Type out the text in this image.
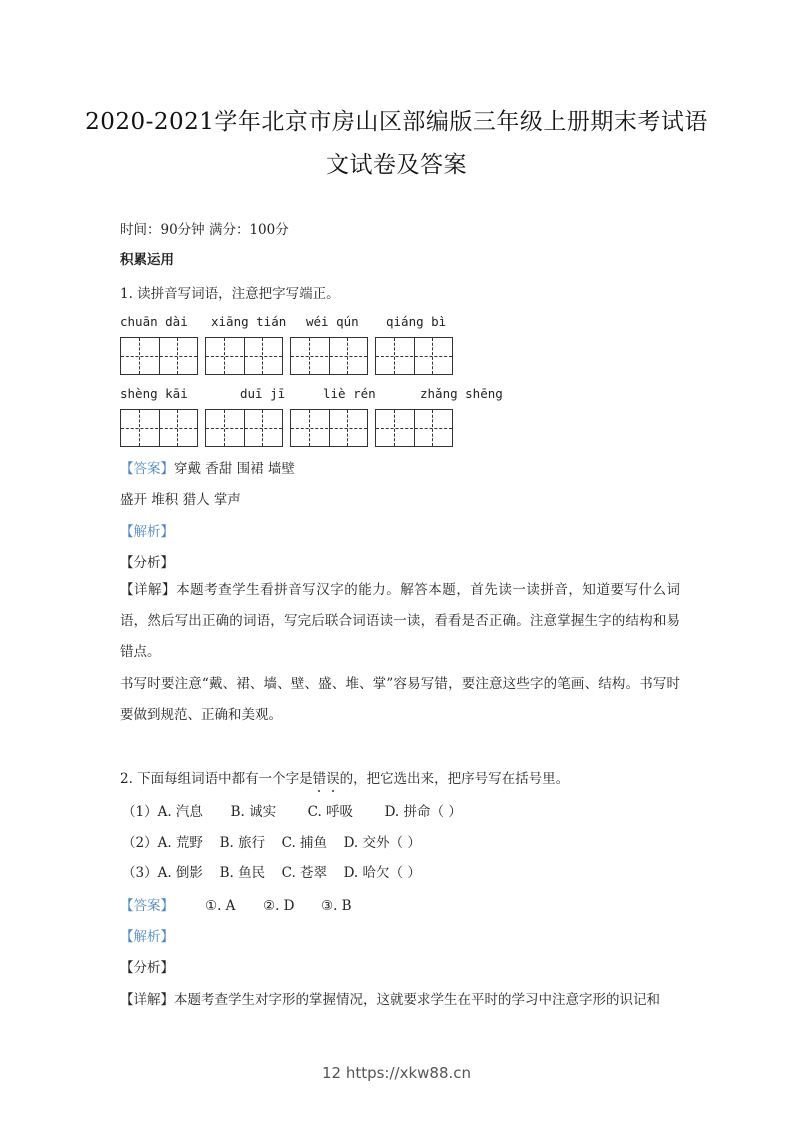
2020-2021学年北京市房山区部编版三年级上册期末考试语
文试卷及答案
时间：90分钟 满分：100分
积累运用
1. 读拼音写词语，注意把字写端正。
chuān dài xiāng tián wéi qún qiáng bì
shèng kāi	duī jī	liè rén	zhǎng shēng
【答案】穿戴 香甜 围裙 墙壁
盛开 堆积 猎人 掌声
【解析】
【分析】
【详解】本题考查学生看拼音写汉字的能力。解答本题，首先读一读拼音，知道要写什么词语，然后写出正确的词语，写完后联合词语读一读，看看是否正确。注意掌握生字的结构和易错点。
书写时要注意“戴、裙、墙、壁、盛、堆、掌”容易写错，要注意这些字的笔画、结构。书写时要做到规范、正确和美观。
2. 下面每组词语中都有一个字是错误的，把它选出来，把序号写在括号里。
（1）A. 汽息 B. 诚实 C. 呼吸 D. 拼命（ ）
（2）A. 荒野 B. 旅行 C. 捕鱼 D. 交外（ ）
（3）A. 倒影 B. 鱼民 C. 苍翠 D. 哈欠（ ）
【答案】 ①. A ②. D ③. B
【解析】
【分析】
【详解】本题考查学生对字形的掌握情况，这就要求学生在平时的学习中注意字形的识记和
12 https://xkw88.cn
